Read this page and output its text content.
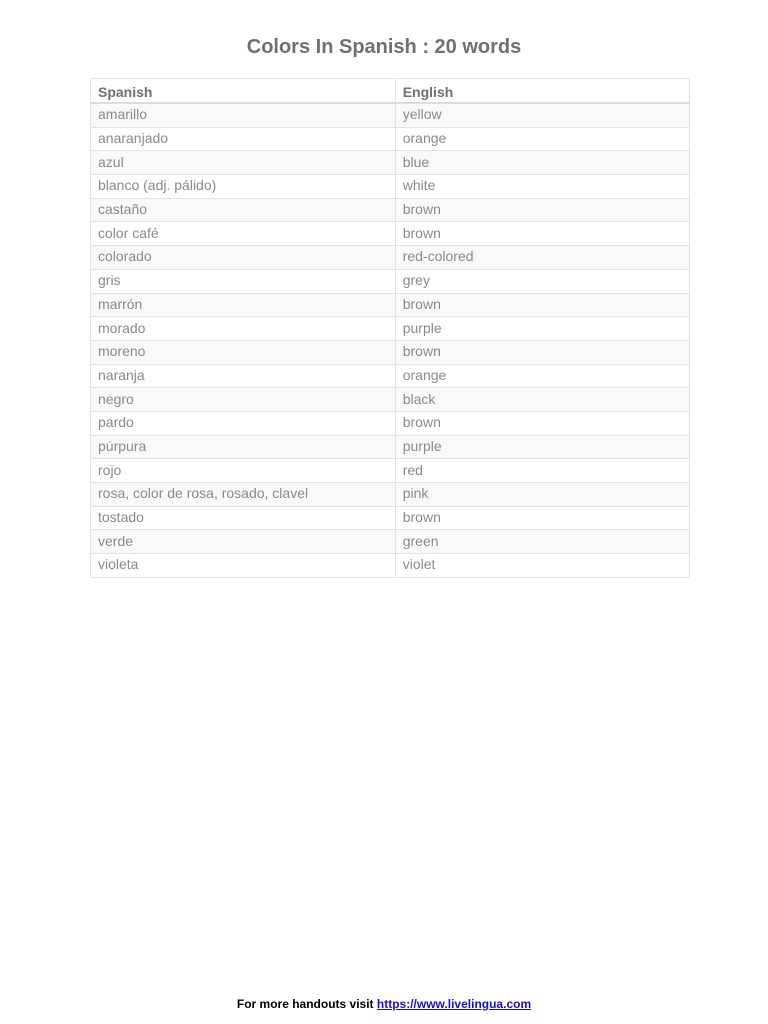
Colors In Spanish : 20 words
Spanish	English
amarillo	yellow
anaranjado	orange
azul	blue
blanco (adj. pálido)	white
castaño	brown
color café	brown
colorado	red-colored
gris	grey
marrón	brown
morado	purple
moreno	brown
naranja	orange
negro	black
pardo	brown
púrpura	purple
rojo	red
rosa, color de rosa, rosado, clavel	pink
tostado	brown
verde	green
violeta	violet
For more handouts visit https://www.livelingua.com
